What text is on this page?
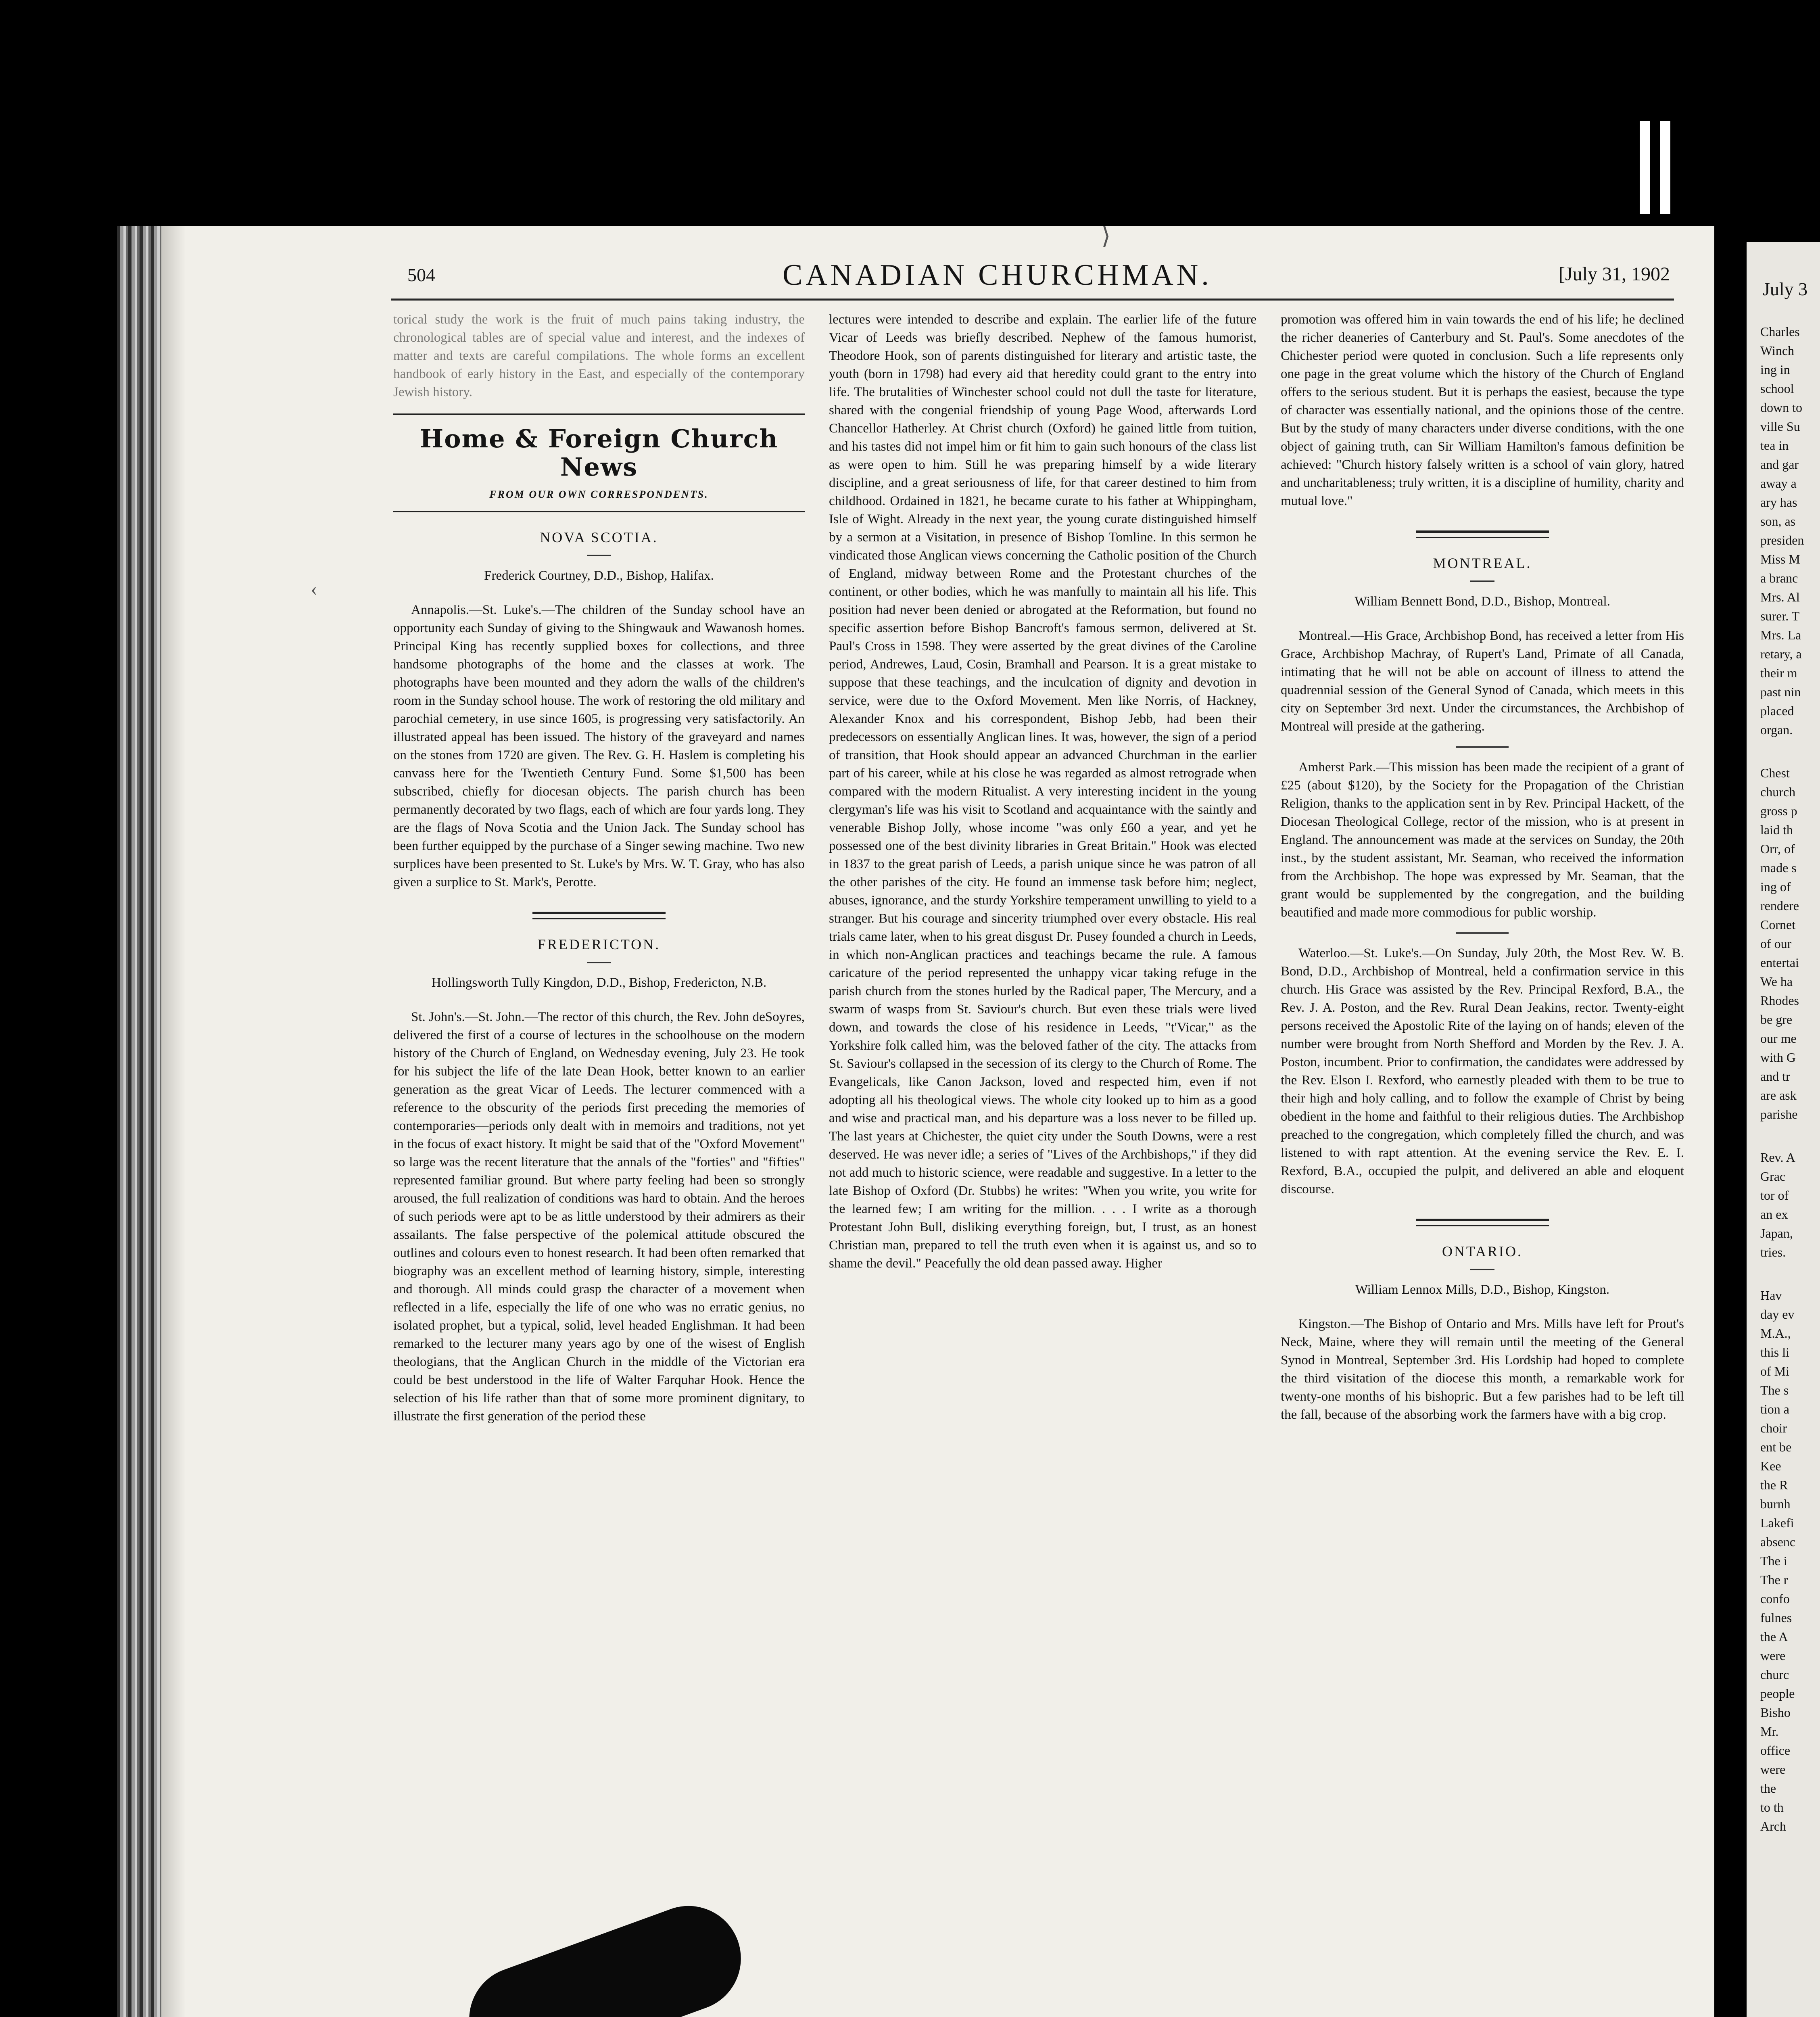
504	CANADIAN CHURCHMAN.	[July 31, 1902

torical study the work is the fruit of much pains taking industry, the chronological tables are of special value and interest, and the indexes of matter and texts are careful compilations. The whole forms an excellent handbook of early history in the East, and especially of the contemporary Jewish history.

Home & Foreign Church News
FROM OUR OWN CORRESPONDENTS.
NOVA SCOTIA.
Frederick Courtney, D.D., Bishop, Halifax.

Annapolis.—St. Luke's.—The children of the Sunday school have an opportunity each Sunday of giving to the Shingwauk and Wawanosh homes. Principal King has recently supplied boxes for collections, and three handsome photographs of the home and the classes at work. The photographs have been mounted and they adorn the walls of the children's room in the Sunday school house. The work of restoring the old military and parochial cemetery, in use since 1605, is progressing very satisfactorily. An illustrated appeal has been issued. The history of the graveyard and names on the stones from 1720 are given. The Rev. G. H. Haslem is completing his canvass here for the Twentieth Century Fund. Some $1,500 has been subscribed, chiefly for diocesan objects. The parish church has been permanently decorated by two flags, each of which are four yards long. They are the flags of Nova Scotia and the Union Jack. The Sunday school has been further equipped by the purchase of a Singer sewing machine. Two new surplices have been presented to St. Luke's by Mrs. W. T. Gray, who has also given a surplice to St. Mark's, Perotte.

FREDERICTON.
Hollingsworth Tully Kingdon, D.D., Bishop, Fredericton, N.B.

St. John's.—St. John.—The rector of this church, the Rev. John deSoyres, delivered the first of a course of lectures in the schoolhouse on the modern history of the Church of England, on Wednesday evening, July 23. He took for his subject the life of the late Dean Hook, better known to an earlier generation as the great Vicar of Leeds. The lecturer commenced with a reference to the obscurity of the periods first preceding the memories of contemporaries—periods only dealt with in memoirs and traditions, not yet in the focus of exact history. It might be said that of the "Oxford Movement" so large was the recent literature that the annals of the "forties" and "fifties" represented familiar ground. But where party feeling had been so strongly aroused, the full realization of conditions was hard to obtain. And the heroes of such periods were apt to be as little understood by their admirers as their assailants. The false perspective of the polemical attitude obscured the outlines and colours even to honest research. It had been often remarked that biography was an excellent method of learning history, simple, interesting and thorough. All minds could grasp the character of a movement when reflected in a life, especially the life of one who was no erratic genius, no isolated prophet, but a typical, solid, level headed Englishman. It had been remarked to the lecturer many years ago by one of the wisest of English theologians, that the Anglican Church in the middle of the Victorian era could be best understood in the life of Walter Farquhar Hook. Hence the selection of his life rather than that of some more prominent dignitary, to illustrate the first generation of the period these

lectures were intended to describe and explain. The earlier life of the future Vicar of Leeds was briefly described. Nephew of the famous humorist, Theodore Hook, son of parents distinguished for literary and artistic taste, the youth (born in 1798) had every aid that heredity could grant to the entry into life. The brutalities of Winchester school could not dull the taste for literature, shared with the congenial friendship of young Page Wood, afterwards Lord Chancellor Hatherley. At Christ church (Oxford) he gained little from tuition, and his tastes did not impel him or fit him to gain such honours of the class list as were open to him. Still he was preparing himself by a wide literary discipline, and a great seriousness of life, for that career destined to him from childhood. Ordained in 1821, he became curate to his father at Whippingham, Isle of Wight. Already in the next year, the young curate distinguished himself by a sermon at a Visitation, in presence of Bishop Tomline. In this sermon he vindicated those Anglican views concerning the Catholic position of the Church of England, midway between Rome and the Protestant churches of the continent, or other bodies, which he was manfully to maintain all his life. This position had never been denied or abrogated at the Reformation, but found no specific assertion before Bishop Bancroft's famous sermon, delivered at St. Paul's Cross in 1598. They were asserted by the great divines of the Caroline period, Andrewes, Laud, Cosin, Bramhall and Pearson. It is a great mistake to suppose that these teachings, and the inculcation of dignity and devotion in service, were due to the Oxford Movement. Men like Norris, of Hackney, Alexander Knox and his correspondent, Bishop Jebb, had been their predecessors on essentially Anglican lines. It was, however, the sign of a period of transition, that Hook should appear an advanced Churchman in the earlier part of his career, while at his close he was regarded as almost retrograde when compared with the modern Ritualist. A very interesting incident in the young clergyman's life was his visit to Scotland and acquaintance with the saintly and venerable Bishop Jolly, whose income "was only £60 a year, and yet he possessed one of the best divinity libraries in Great Britain." Hook was elected in 1837 to the great parish of Leeds, a parish unique since he was patron of all the other parishes of the city. He found an immense task before him; neglect, abuses, ignorance, and the sturdy Yorkshire temperament unwilling to yield to a stranger. But his courage and sincerity triumphed over every obstacle. His real trials came later, when to his great disgust Dr. Pusey founded a church in Leeds, in which non-Anglican practices and teachings became the rule. A famous caricature of the period represented the unhappy vicar taking refuge in the parish church from the stones hurled by the Radical paper, The Mercury, and a swarm of wasps from St. Saviour's church. But even these trials were lived down, and towards the close of his residence in Leeds, "t'Vicar," as the Yorkshire folk called him, was the beloved father of the city. The attacks from St. Saviour's collapsed in the secession of its clergy to the Church of Rome. The Evangelicals, like Canon Jackson, loved and respected him, even if not adopting all his theological views. The whole city looked up to him as a good and wise and practical man, and his departure was a loss never to be filled up. The last years at Chichester, the quiet city under the South Downs, were a rest deserved. He was never idle; a series of "Lives of the Archbishops," if they did not add much to historic science, were readable and suggestive. In a letter to the late Bishop of Oxford (Dr. Stubbs) he writes: "When you write, you write for the learned few; I am writing for the million. . . . I write as a thorough Protestant John Bull, disliking everything foreign, but, I trust, as an honest Christian man, prepared to tell the truth even when it is against us, and so to shame the devil." Peacefully the old dean passed away. Higher

promotion was offered him in vain towards the end of his life; he declined the richer deaneries of Canterbury and St. Paul's. Some anecdotes of the Chichester period were quoted in conclusion. Such a life represents only one page in the great volume which the history of the Church of England offers to the serious student. But it is perhaps the easiest, because the type of character was essentially national, and the opinions those of the centre. But by the study of many characters under diverse conditions, with the one object of gaining truth, can Sir William Hamilton's famous definition be achieved: "Church history falsely written is a school of vain glory, hatred and uncharitableness; truly written, it is a discipline of humility, charity and mutual love."

MONTREAL.
William Bennett Bond, D.D., Bishop, Montreal.

Montreal.—His Grace, Archbishop Bond, has received a letter from His Grace, Archbishop Machray, of Rupert's Land, Primate of all Canada, intimating that he will not be able on account of illness to attend the quadrennial session of the General Synod of Canada, which meets in this city on September 3rd next. Under the circumstances, the Archbishop of Montreal will preside at the gathering.

Amherst Park.—This mission has been made the recipient of a grant of £25 (about $120), by the Society for the Propagation of the Christian Religion, thanks to the application sent in by Rev. Principal Hackett, of the Diocesan Theological College, rector of the mission, who is at present in England. The announcement was made at the services on Sunday, the 20th inst., by the student assistant, Mr. Seaman, who received the information from the Archbishop. The hope was expressed by Mr. Seaman, that the grant would be supplemented by the congregation, and the building beautified and made more commodious for public worship.

Waterloo.—St. Luke's.—On Sunday, July 20th, the Most Rev. W. B. Bond, D.D., Archbishop of Montreal, held a confirmation service in this church. His Grace was assisted by the Rev. Principal Rexford, B.A., the Rev. J. A. Poston, and the Rev. Rural Dean Jeakins, rector. Twenty-eight persons received the Apostolic Rite of the laying on of hands; eleven of the number were brought from North Shefford and Morden by the Rev. J. A. Poston, incumbent. Prior to confirmation, the candidates were addressed by the Rev. Elson I. Rexford, who earnestly pleaded with them to be true to their high and holy calling, and to follow the example of Christ by being obedient in the home and faithful to their religious duties. The Archbishop preached to the congregation, which completely filled the church, and was listened to with rapt attention. At the evening service the Rev. E. I. Rexford, B.A., occupied the pulpit, and delivered an able and eloquent discourse.

ONTARIO.
William Lennox Mills, D.D., Bishop, Kingston.

Kingston.—The Bishop of Ontario and Mrs. Mills have left for Prout's Neck, Maine, where they will remain until the meeting of the General Synod in Montreal, September 3rd. His Lordship had hoped to complete the third visitation of the diocese this month, a remarkable work for twenty-one months of his bishopric. But a few parishes had to be left till the fall, because of the absorbing work the farmers have with a big crop.

⟩
‹
July 3
Charles
Winch
ing in
school
down to
ville Su
tea in
and gar
away a
ary has
son, as
presiden
Miss M
a branc
Mrs. Al
surer. T
Mrs. La
retary, a
their m
past nin
placed
organ.
Chest
church
gross p
laid th
Orr, of
made s
ing of
rendere
Cornet
of our
entertai
We ha
Rhodes
be gre
our me
with G
and tr
are ask
parishe
Rev. A
Grac
tor of
an ex
Japan,
tries.
Hav
day ev
M.A.,
this li
of Mi
The s
tion a
choir
ent be
Kee
the R
burnh
Lakefi
absenc
The i
The r
confo
fulnes
the A
were
churc
people
Bisho
Mr.
office
were
the
to th
Arch
